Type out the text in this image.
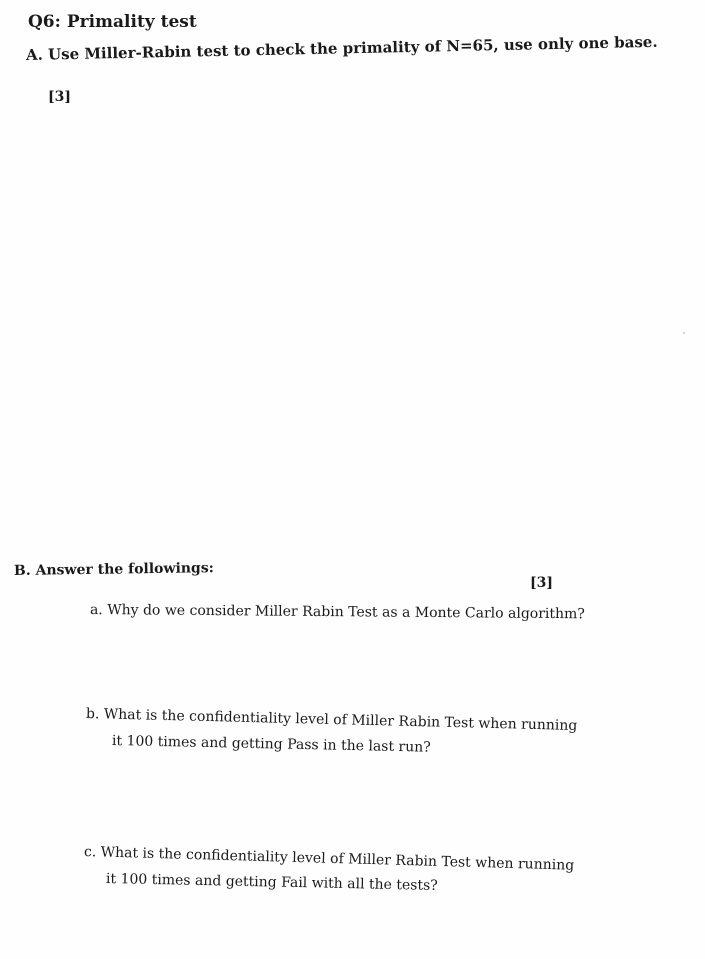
Q6: Primality test
A. Use Miller-Rabin test to check the primality of N=65, use only one base.
[3]
B. Answer the followings:
[3]
a. Why do we consider Miller Rabin Test as a Monte Carlo algorithm?
b. What is the confidentiality level of Miller Rabin Test when running
it 100 times and getting Pass in the last run?
c. What is the confidentiality level of Miller Rabin Test when running
it 100 times and getting Fail with all the tests?
